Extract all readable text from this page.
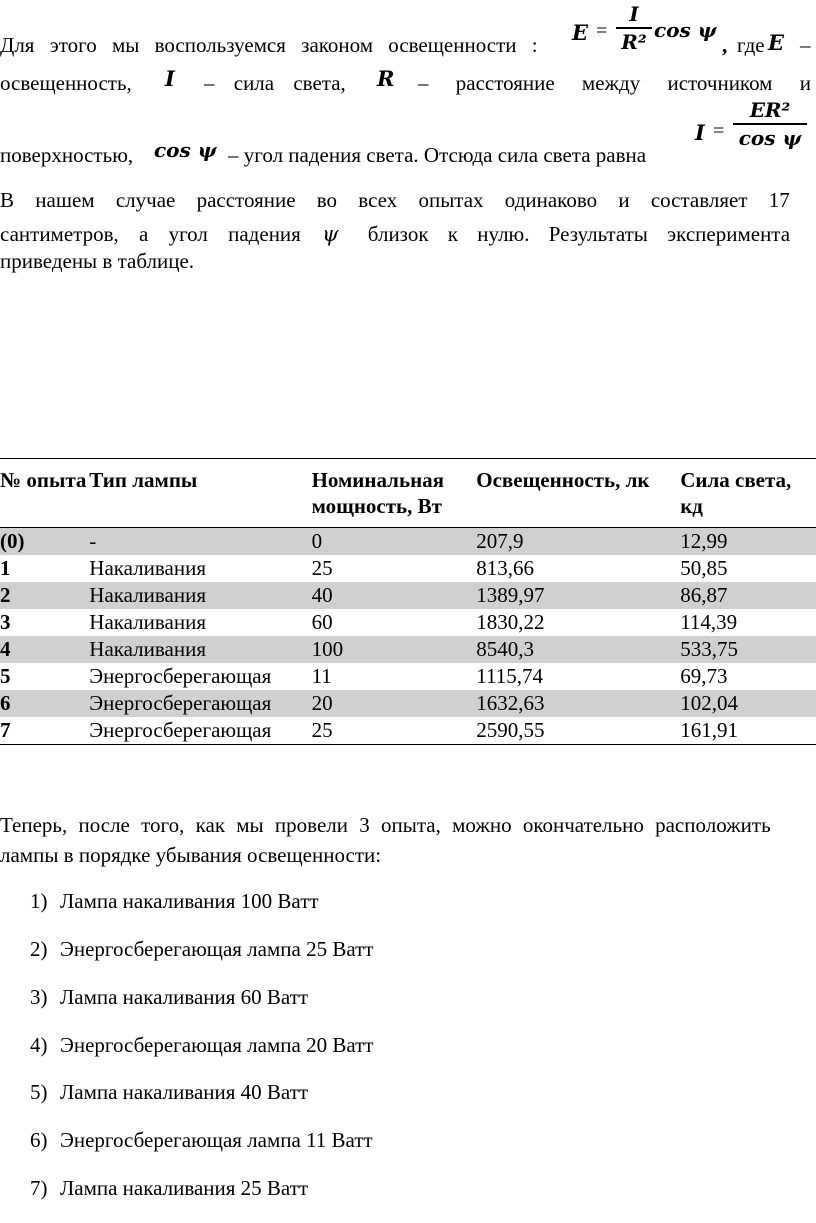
Для этого мы воспользуемся законом освещенности : E =
I
R² cos ψ
, где E –
освещенность, I – сила света, R – расстояние между источником и
поверхностью, cos ψ – угол падения света. Отсюда сила света равна
I =
ER²
cos ψ
В нашем случае расстояние во всех опытах одинаково и составляет 17
сантиметров, а угол падения ψ близок к нулю. Результаты эксперимента
приведены в таблице.
№ опыта	Тип лампы	Номинальная мощность, Вт	Освещенность, лк	Сила света, кд
(0)	-	0	207,9	12,99
1	Накаливания	25	813,66	50,85
2	Накаливания	40	1389,97	86,87
3	Накаливания	60	1830,22	114,39
4	Накаливания	100	8540,3	533,75
5	Энергосберегающая	11	1115,74	69,73
6	Энергосберегающая	20	1632,63	102,04
7	Энергосберегающая	25	2590,55	161,91
Теперь, после того, как мы провели 3 опыта, можно окончательно расположить
лампы в порядке убывания освещенности:
1) Лампа накаливания 100 Ватт
2) Энергосберегающая лампа 25 Ватт
3) Лампа накаливания 60 Ватт
4) Энергосберегающая лампа 20 Ватт
5) Лампа накаливания 40 Ватт
6) Энергосберегающая лампа 11 Ватт
7) Лампа накаливания 25 Ватт
